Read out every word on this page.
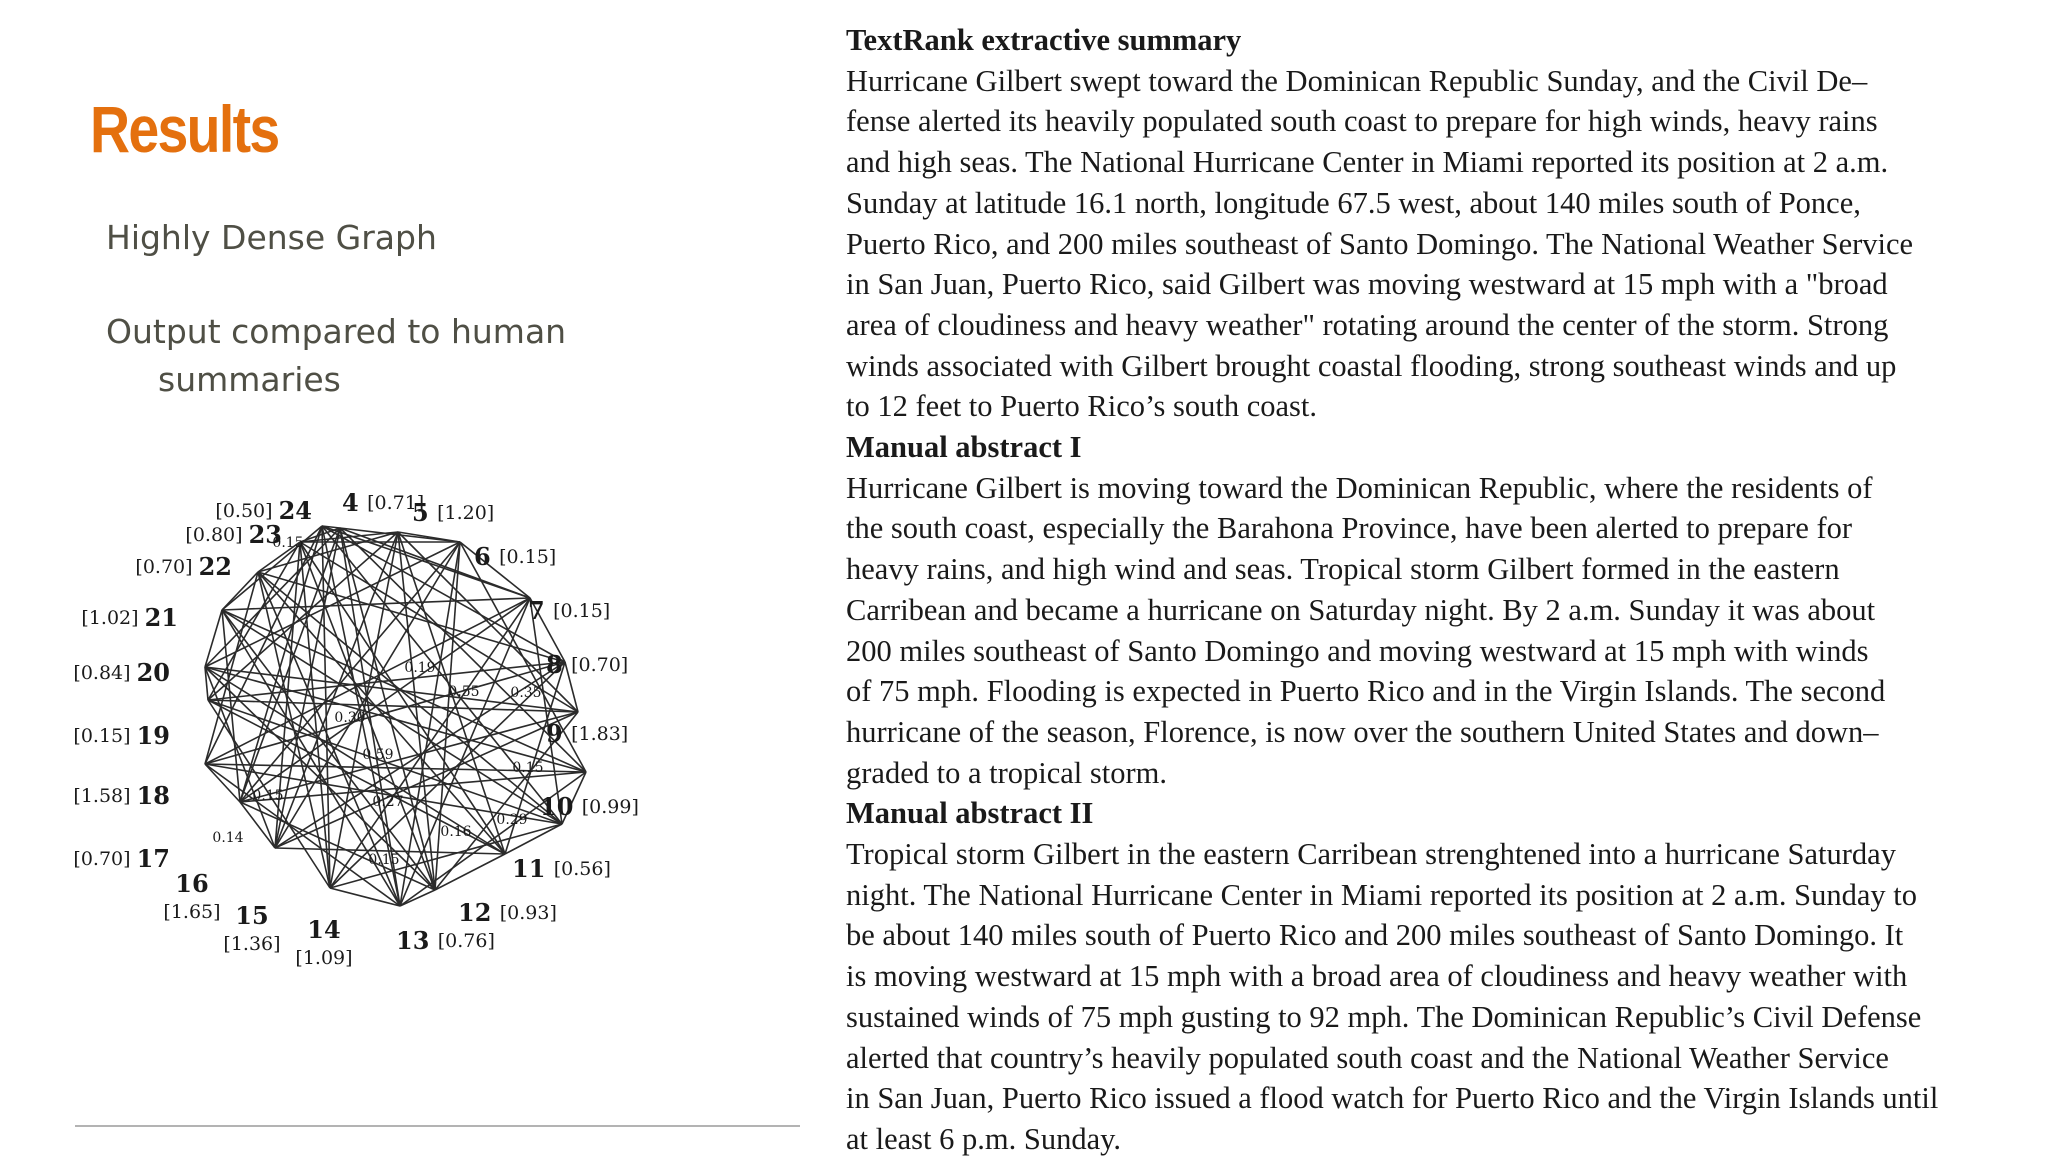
Results

Highly Dense Graph

Output compared to human
summaries

0.15
0.19
0.55 0.35
0.15
0.30
0.59
0.15	0.27
0.29
0.16
0.14
0.15
4 [0.71]
5 [1.20]
6 [0.15]
7 [0.15]
8 [0.70]
9 [1.83]
10 [0.99]
11 [0.56]
12 [0.93]
13 [0.76]
14
[1.09]
15
[1.36]
16
[1.65]
[0.70] 17
[1.58] 18
[0.15] 19
[0.84] 20
[1.02] 21
[0.70] 22
[0.80] 23
[0.50] 24
TextRank extractive summary

Hurricane Gilbert swept toward the Dominican Republic Sunday, and the Civil De–
fense alerted its heavily populated south coast to prepare for high winds, heavy rains
and high seas. The National Hurricane Center in Miami reported its position at 2 a.m.
Sunday at latitude 16.1 north, longitude 67.5 west, about 140 miles south of Ponce,
Puerto Rico, and 200 miles southeast of Santo Domingo. The National Weather Service
in San Juan, Puerto Rico, said Gilbert was moving westward at 15 mph with a "broad
area of cloudiness and heavy weather" rotating around the center of the storm. Strong
winds associated with Gilbert brought coastal flooding, strong southeast winds and up
to 12 feet to Puerto Rico’s south coast.

Manual abstract I

Hurricane Gilbert is moving toward the Dominican Republic, where the residents of
the south coast, especially the Barahona Province, have been alerted to prepare for
heavy rains, and high wind and seas. Tropical storm Gilbert formed in the eastern
Carribean and became a hurricane on Saturday night. By 2 a.m. Sunday it was about
200 miles southeast of Santo Domingo and moving westward at 15 mph with winds
of 75 mph. Flooding is expected in Puerto Rico and in the Virgin Islands. The second
hurricane of the season, Florence, is now over the southern United States and down–
graded to a tropical storm.

Manual abstract II

Tropical storm Gilbert in the eastern Carribean strenghtened into a hurricane Saturday
night. The National Hurricane Center in Miami reported its position at 2 a.m. Sunday to
be about 140 miles south of Puerto Rico and 200 miles southeast of Santo Domingo. It
is moving westward at 15 mph with a broad area of cloudiness and heavy weather with
sustained winds of 75 mph gusting to 92 mph. The Dominican Republic’s Civil Defense
alerted that country’s heavily populated south coast and the National Weather Service
in San Juan, Puerto Rico issued a flood watch for Puerto Rico and the Virgin Islands until
at least 6 p.m. Sunday.
